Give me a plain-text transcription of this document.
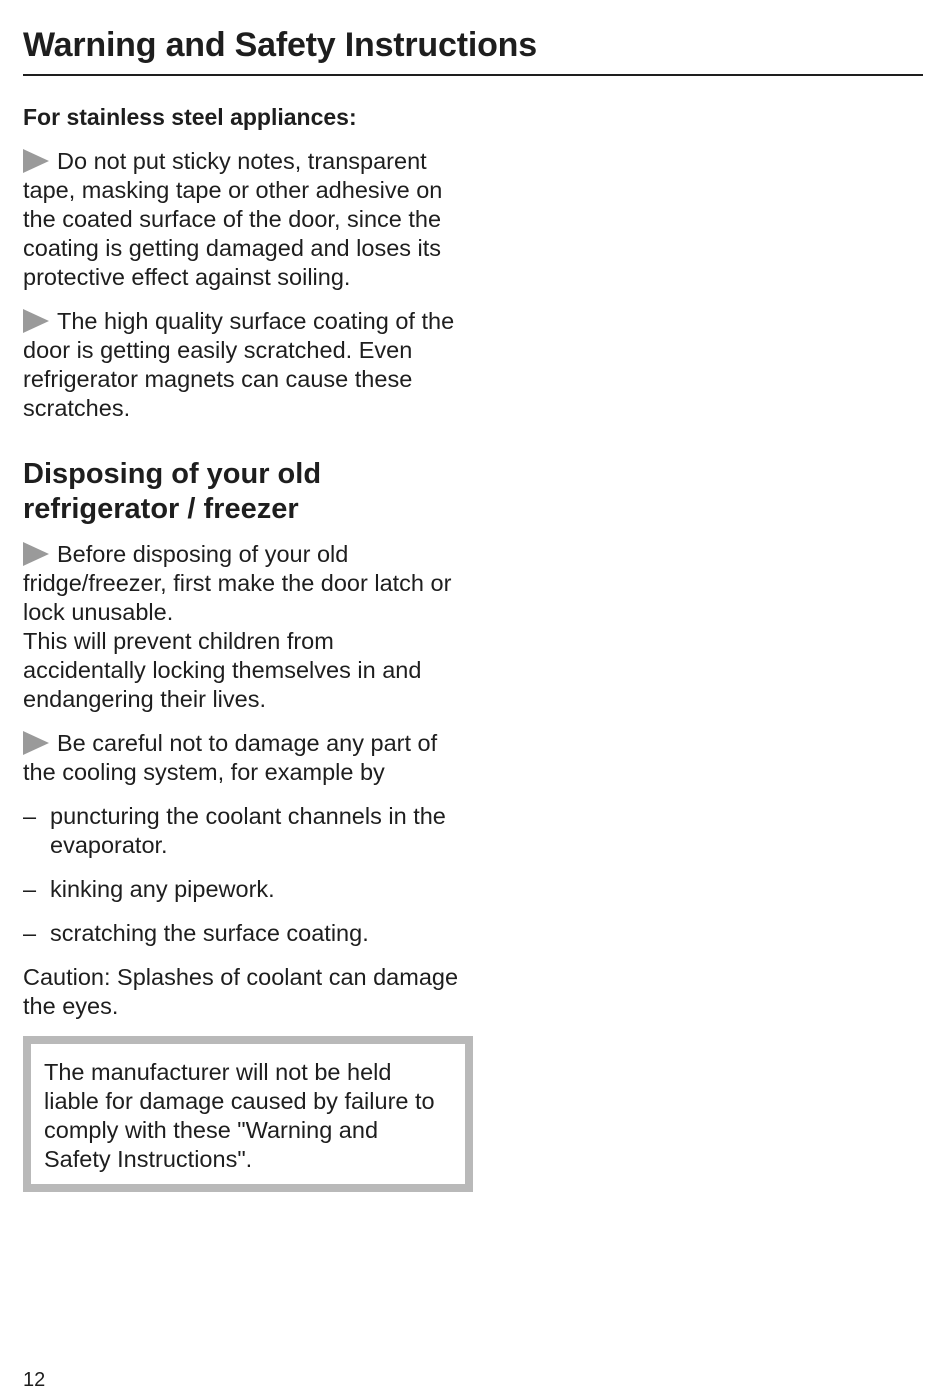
Warning and Safety Instructions
For stainless steel appliances:

Do not put sticky notes, transparent tape, masking tape or other adhesive on the coated surface of the door, since the coating is getting damaged and loses its protective effect against soiling.

The high quality surface coating of the door is getting easily scratched. Even refrigerator magnets can cause these scratches.

Disposing of your old refrigerator / freezer

Before disposing of your old fridge/freezer, first make the door latch or lock unusable.
This will prevent children from accidentally locking themselves in and endangering their lives.

Be careful not to damage any part of the cooling system, for example by

– puncturing the coolant channels in the evaporator.
– kinking any pipework.
– scratching the surface coating.

Caution: Splashes of coolant can damage the eyes.

The manufacturer will not be held liable for damage caused by failure to comply with these "Warning and Safety Instructions".
12
